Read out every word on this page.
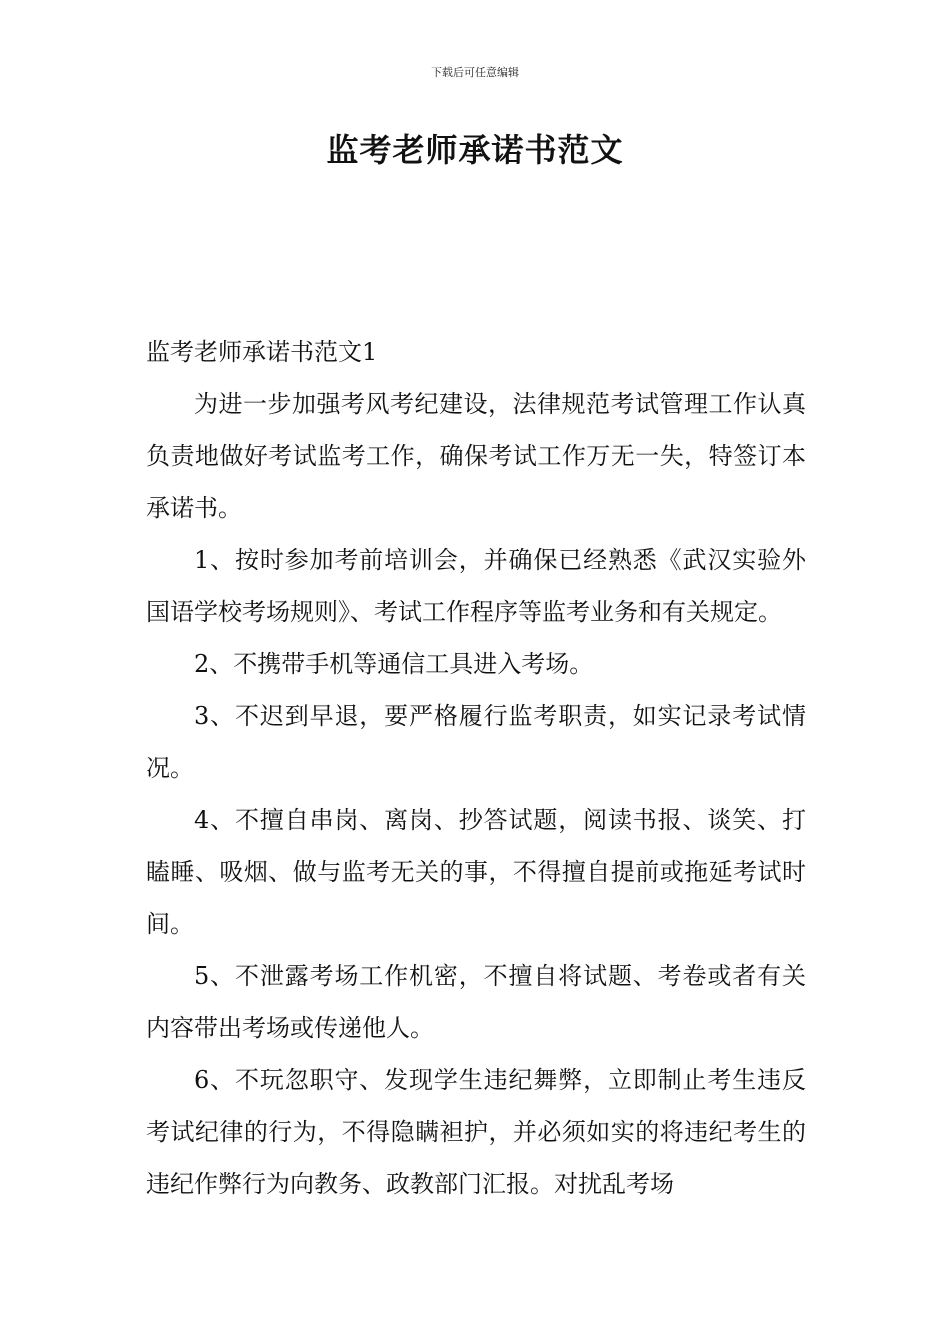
下载后可任意编辑
监考老师承诺书范文

监考老师承诺书范文1

为进一步加强考风考纪建设，法律规范考试管理工作认真负责地做好考试监考工作，确保考试工作万无一失，特签订本承诺书。

1、按时参加考前培训会，并确保已经熟悉《武汉实验外国语学校考场规则》、考试工作程序等监考业务和有关规定。

2、不携带手机等通信工具进入考场。

3、不迟到早退，要严格履行监考职责，如实记录考试情况。

4、不擅自串岗、离岗、抄答试题，阅读书报、谈笑、打瞌睡、吸烟、做与监考无关的事，不得擅自提前或拖延考试时间。

5、不泄露考场工作机密，不擅自将试题、考卷或者有关内容带出考场或传递他人。

6、不玩忽职守、发现学生违纪舞弊，立即制止考生违反考试纪律的行为，不得隐瞒袒护，并必须如实的将违纪考生的违纪作弊行为向教务、政教部门汇报。对扰乱考场
